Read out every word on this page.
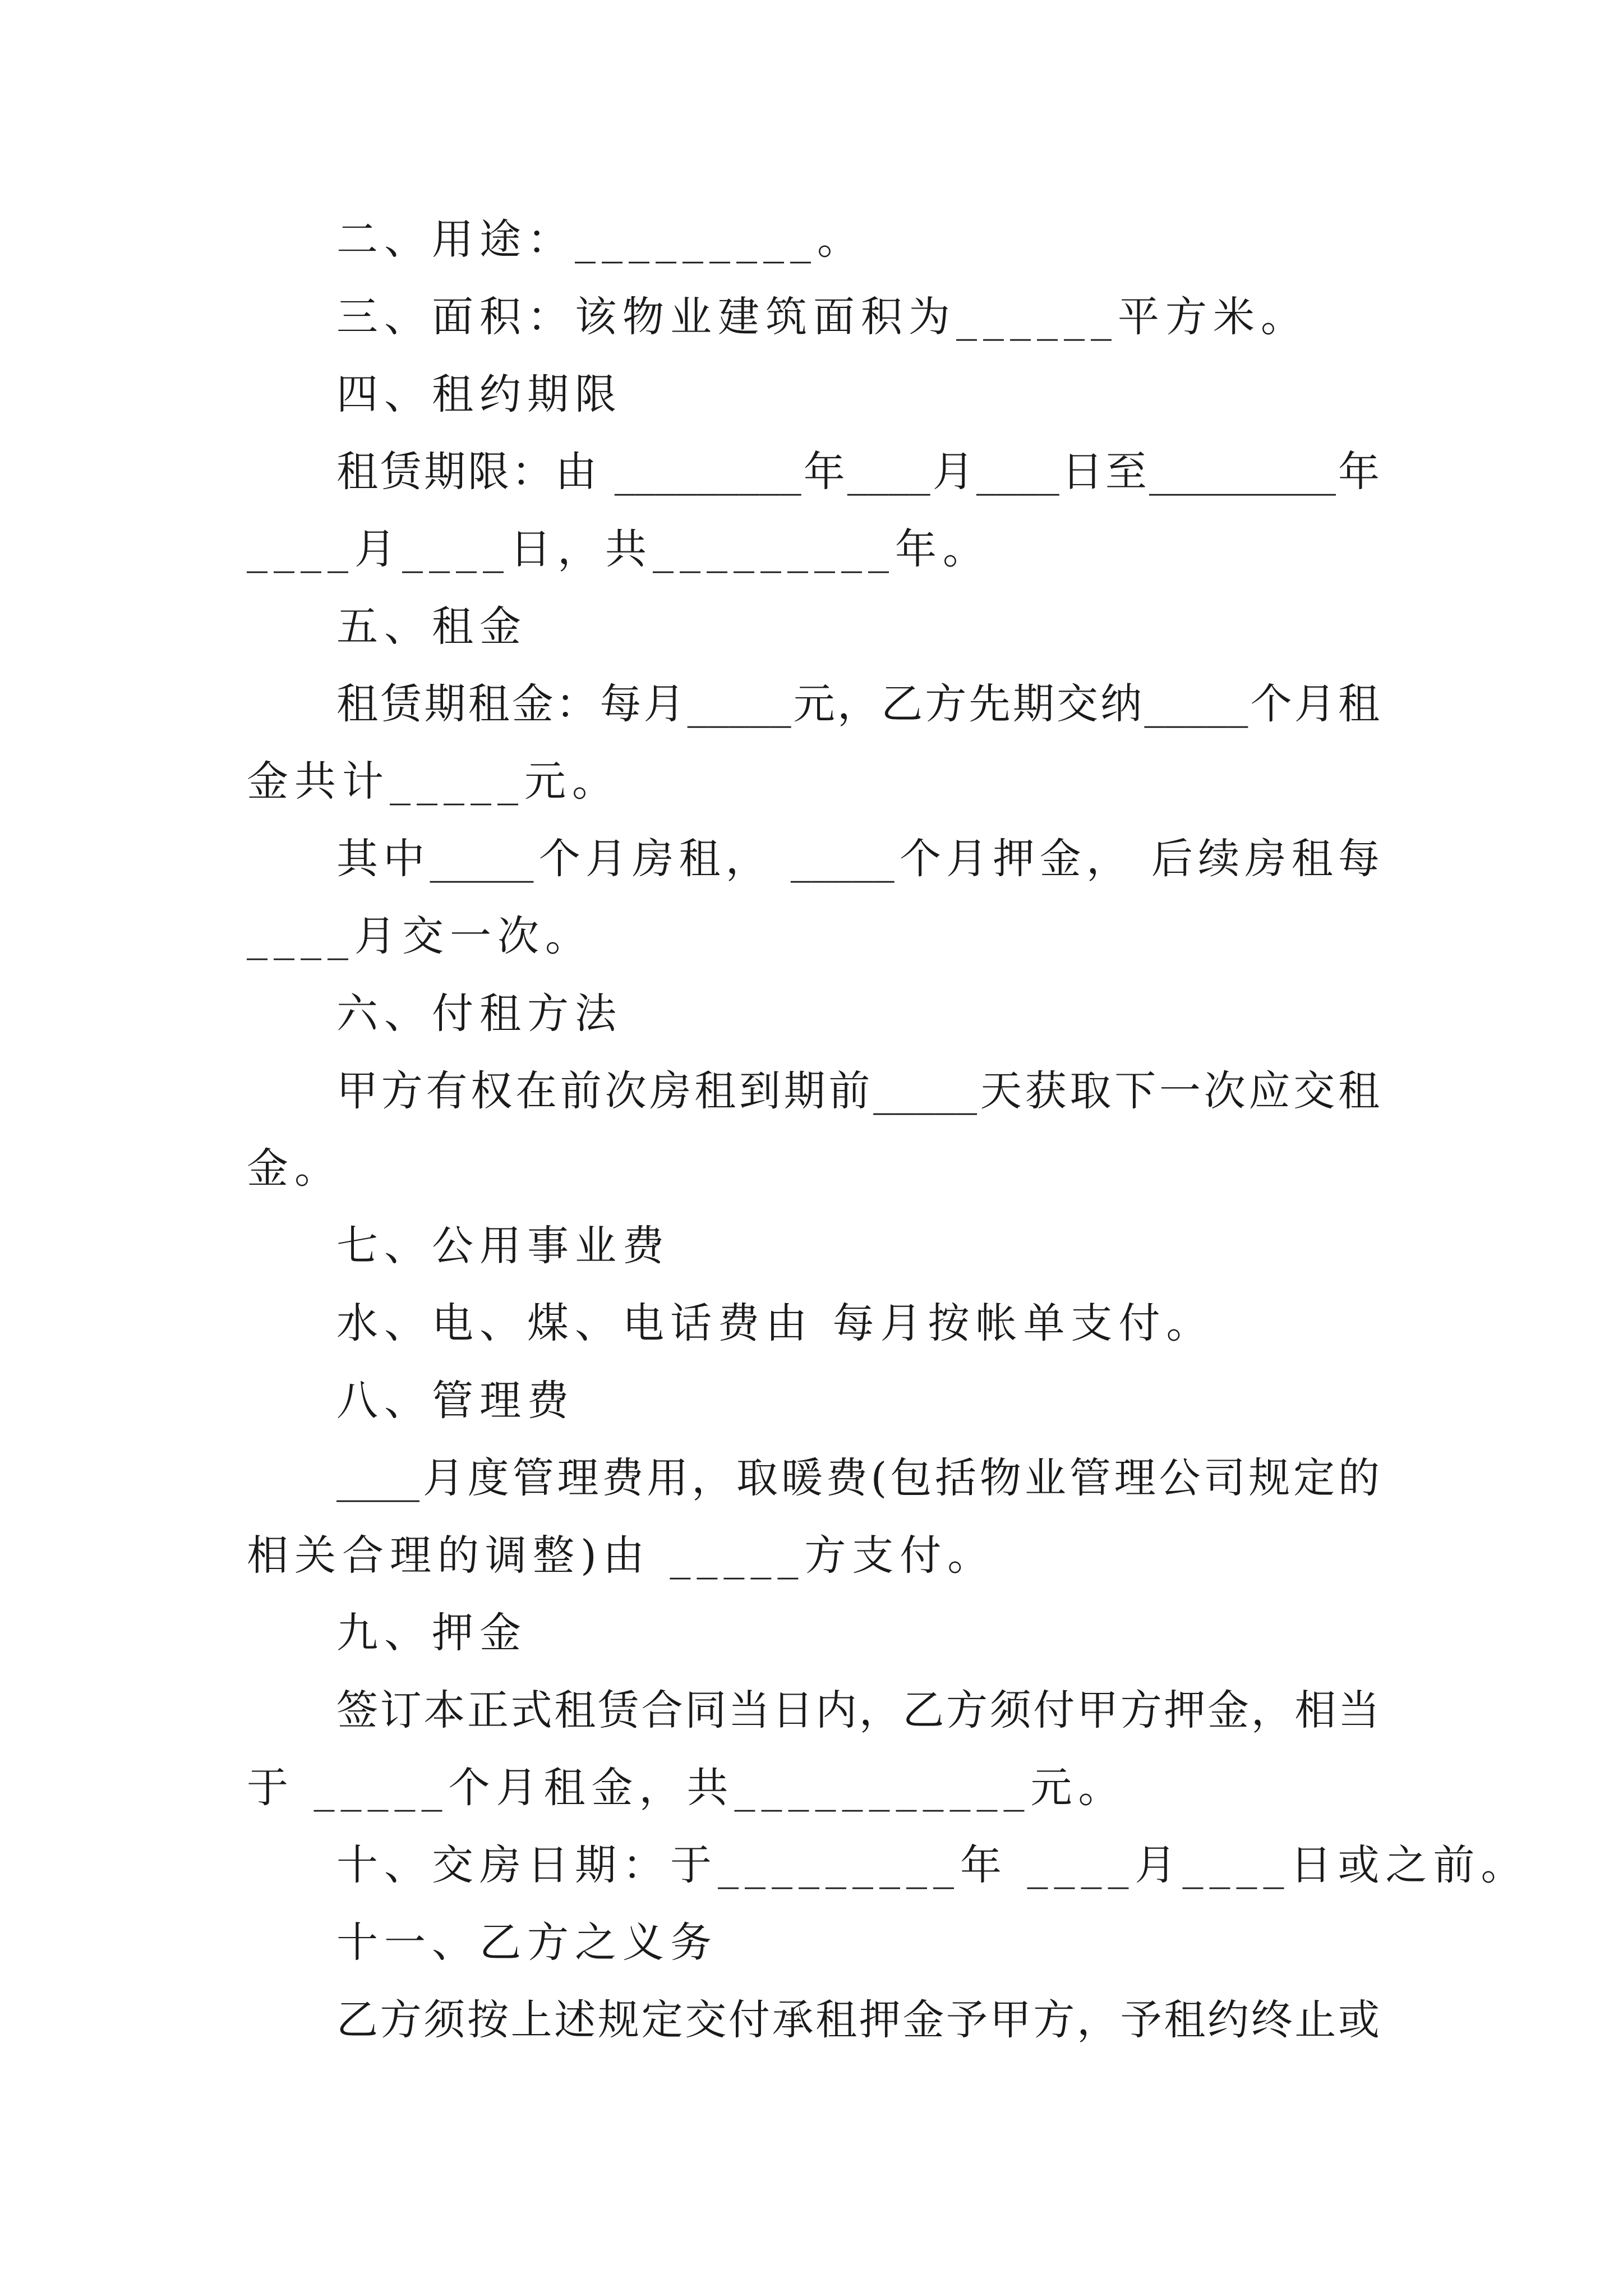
二、用途：_________。
三、面积：该物业建筑面积为______平方米。
四、租约期限
租赁期限：由 _________年____月____日至_________年
____月____日，共_________年。
五、租金
租赁期租金：每月_____元，乙方先期交纳_____个月租
金共计_____元。
其中_____个月房租， _____个月押金， 后续房租每
____月交一次。
六、付租方法
甲方有权在前次房租到期前_____天获取下一次应交租
金。
七、公用事业费
水、电、煤、电话费由 每月按帐单支付。
八、管理费
____月度管理费用，取暖费(包括物业管理公司规定的
相关合理的调整)由 _____方支付。
九、押金
签订本正式租赁合同当日内，乙方须付甲方押金，相当
于 _____个月租金，共___________元。
十、交房日期：于_________年 ____月____日或之前。
十一、乙方之义务
乙方须按上述规定交付承租押金予甲方，予租约终止或
